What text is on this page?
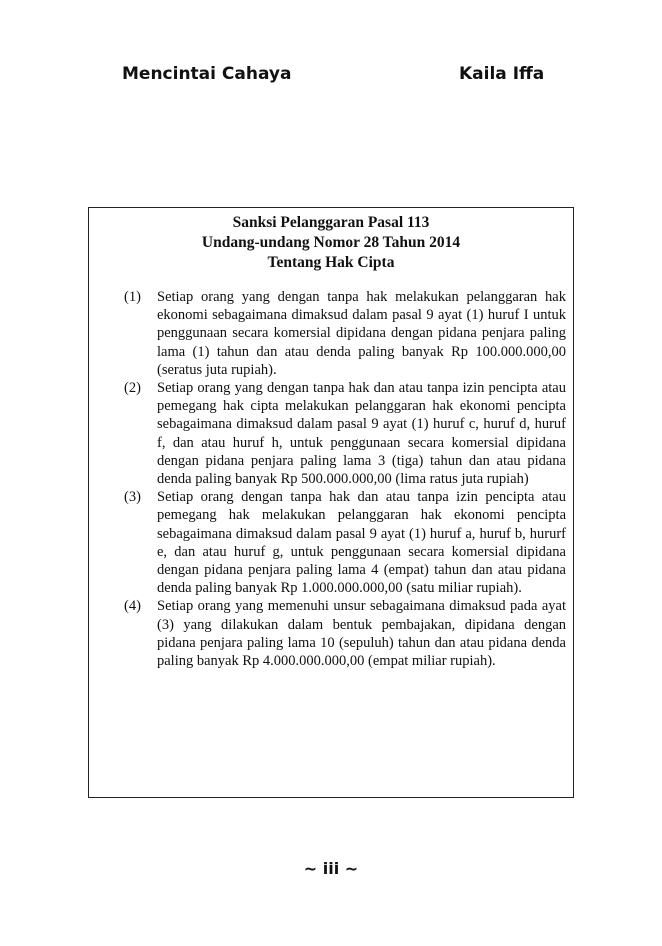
Mencintai Cahaya	Kaila Iffa
Sanksi Pelanggaran Pasal 113
Undang-undang Nomor 28 Tahun 2014
Tentang Hak Cipta
(1)	Setiap orang yang dengan tanpa hak melakukan pelanggaran hak ekonomi sebagaimana dimaksud dalam pasal 9 ayat (1) huruf I untuk penggunaan secara komersial dipidana dengan pidana penjara paling lama (1) tahun dan atau denda paling banyak Rp 100.000.000,00 (seratus juta rupiah).
(2)	Setiap orang yang dengan tanpa hak dan atau tanpa izin pencipta atau pemegang hak cipta melakukan pelanggaran hak ekonomi pencipta sebagaimana dimaksud dalam pasal 9 ayat (1) huruf c, huruf d, huruf f, dan atau huruf h, untuk penggunaan secara komersial dipidana dengan pidana penjara paling lama 3 (tiga) tahun dan atau pidana denda paling banyak Rp 500.000.000,00 (lima ratus juta rupiah)
(3)	Setiap orang dengan tanpa hak dan atau tanpa izin pencipta atau pemegang hak melakukan pelanggaran hak ekonomi pencipta sebagaimana dimaksud dalam pasal 9 ayat (1) huruf a, huruf b, hururf e, dan atau huruf g, untuk penggunaan secara komersial dipidana dengan pidana penjara paling lama 4 (empat) tahun dan atau pidana denda paling banyak Rp 1.000.000.000,00 (satu miliar rupiah).
(4)	Setiap orang yang memenuhi unsur sebagaimana dimaksud pada ayat (3) yang dilakukan dalam bentuk pembajakan, dipidana dengan pidana penjara paling lama 10 (sepuluh) tahun dan atau pidana denda paling banyak Rp 4.000.000.000,00 (empat miliar rupiah).
~ iii ~
